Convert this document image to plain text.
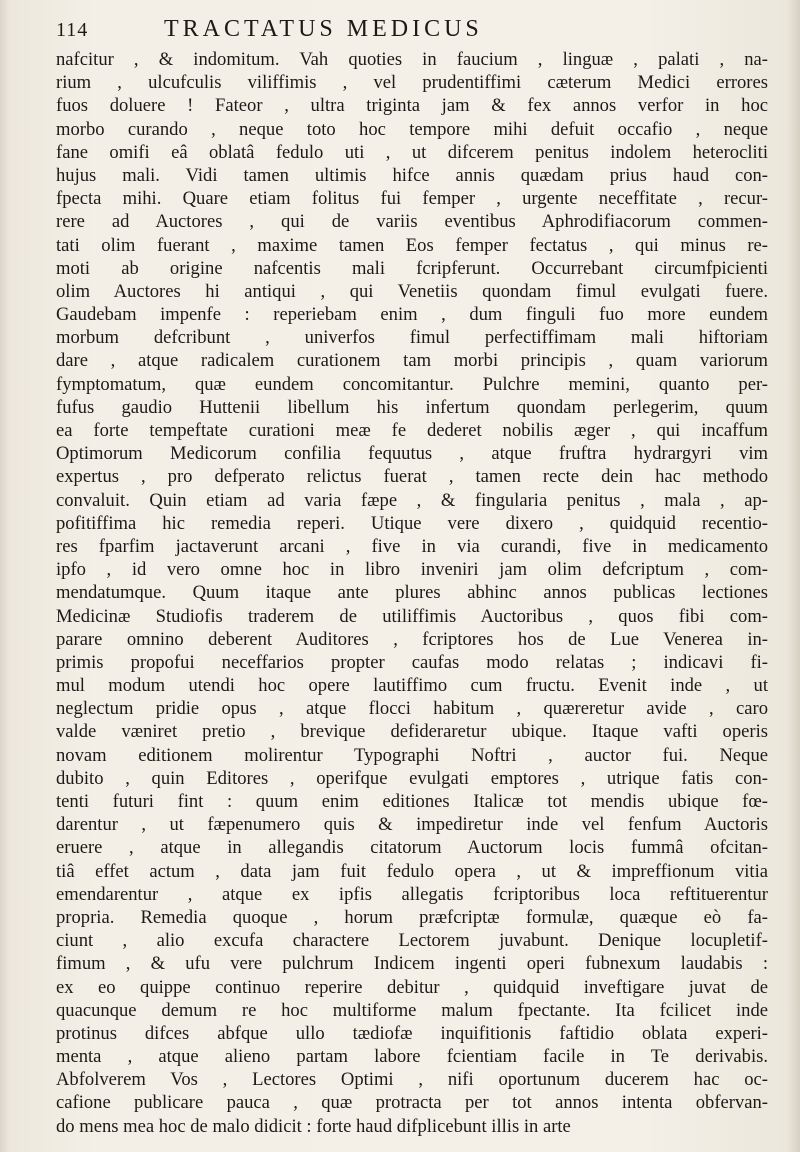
114	TRACTATUS MEDICUS
nafcitur , & indomitum. Vah quoties in faucium , linguæ , palati , na-
rium , ulcufculis viliffimis , vel prudentiffimi cæterum Medici errores
fuos doluere ! Fateor , ultra triginta jam & fex annos verfor in hoc
morbo curando , neque toto hoc tempore mihi defuit occafio , neque
fane omifi eâ oblatâ fedulo uti , ut difcerem penitus indolem heterocliti
hujus mali. Vidi tamen ultimis hifce annis quædam prius haud con-
fpecta mihi. Quare etiam folitus fui femper , urgente neceffitate , recur-
rere ad Auctores , qui de variis eventibus Aphrodifiacorum commen-
tati olim fuerant , maxime tamen Eos femper fectatus , qui minus re-
moti ab origine nafcentis mali fcripferunt. Occurrebant circumfpicienti
olim Auctores hi antiqui , qui Venetiis quondam fimul evulgati fuere.
Gaudebam impenfe : reperiebam enim , dum finguli fuo more eundem
morbum defcribunt , univerfos fimul perfectiffimam mali hiftoriam
dare , atque radicalem curationem tam morbi principis , quam variorum
fymptomatum, quæ eundem concomitantur. Pulchre memini, quanto per-
fufus gaudio Huttenii libellum his infertum quondam perlegerim, quum
ea forte tempeftate curationi meæ fe dederet nobilis æger , qui incaffum
Optimorum Medicorum confilia fequutus , atque fruftra hydrargyri vim
expertus , pro defperato relictus fuerat , tamen recte dein hac methodo
convaluit. Quin etiam ad varia fæpe , & fingularia penitus , mala , ap-
pofitiffima hic remedia reperi. Utique vere dixero , quidquid recentio-
res fparfim jactaverunt arcani , five in via curandi, five in medicamento
ipfo , id vero omne hoc in libro inveniri jam olim defcriptum , com-
mendatumque. Quum itaque ante plures abhinc annos publicas lectiones
Medicinæ Studiofis traderem de utiliffimis Auctoribus , quos fibi com-
parare omnino deberent Auditores , fcriptores hos de Lue Venerea in-
primis propofui neceffarios propter caufas modo relatas ; indicavi fi-
mul modum utendi hoc opere lautiffimo cum fructu. Evenit inde , ut
neglectum pridie opus , atque flocci habitum , quæreretur avide , caro
valde væniret pretio , brevique defideraretur ubique. Itaque vafti operis
novam editionem molirentur Typographi Noftri , auctor fui. Neque
dubito , quin Editores , operifque evulgati emptores , utrique fatis con-
tenti futuri fint : quum enim editiones Italicæ tot mendis ubique fœ-
darentur , ut fæpenumero quis & impediretur inde vel fenfum Auctoris
eruere , atque in allegandis citatorum Auctorum locis fummâ ofcitan-
tiâ effet actum , data jam fuit fedulo opera , ut & impreffionum vitia
emendarentur , atque ex ipfis allegatis fcriptoribus loca reftituerentur
propria. Remedia quoque , horum præfcriptæ formulæ, quæque eò fa-
ciunt , alio excufa charactere Lectorem juvabunt. Denique locupletif-
fimum , & ufu vere pulchrum Indicem ingenti operi fubnexum laudabis :
ex eo quippe continuo reperire debitur , quidquid inveftigare juvat de
quacunque demum re hoc multiforme malum fpectante. Ita fcilicet inde
protinus difces abfque ullo tædiofæ inquifitionis faftidio oblata experi-
menta , atque alieno partam labore fcientiam facile in Te derivabis.
Abfolverem Vos , Lectores Optimi , nifi oportunum ducerem hac oc-
cafione publicare pauca , quæ protracta per tot annos intenta obfervan-
do mens mea hoc de malo didicit : forte haud difplicebunt illis in arte
